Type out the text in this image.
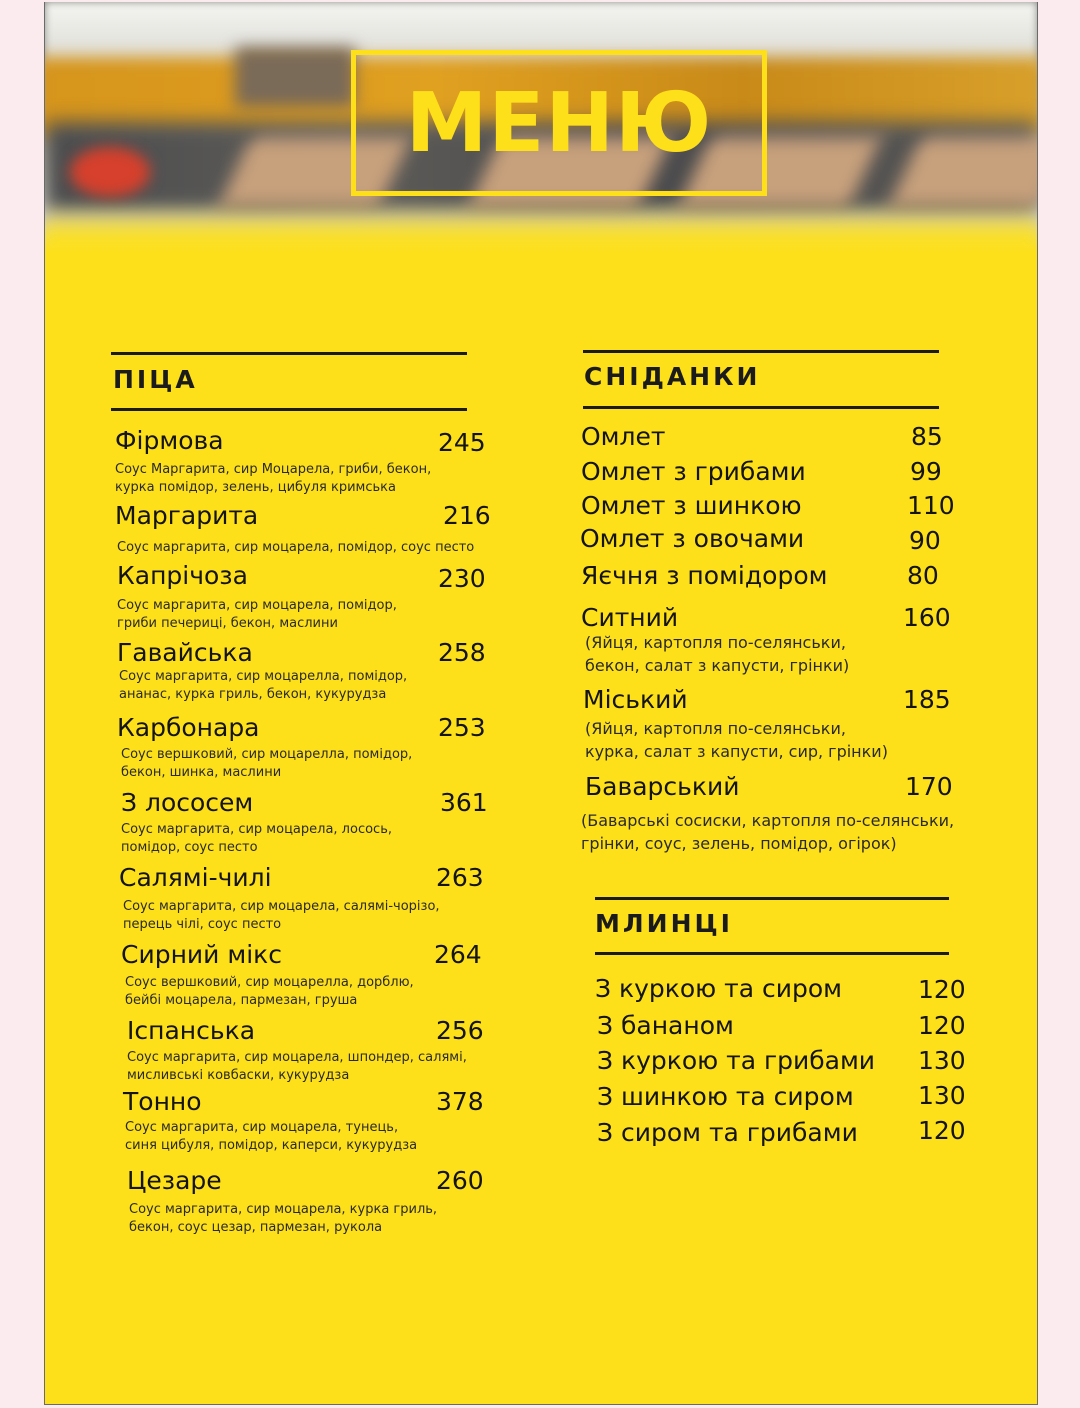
МЕНЮ
ПІЦА
Фірмова	245
Соус Маргарита, сир Моцарела, гриби, бекон,
курка помідор, зелень, цибуля кримська
Маргарита	216
Соус маргарита, сир моцарела, помідор, соус песто
Капрічоза	230
Соус маргарита, сир моцарела, помідор,
гриби печериці, бекон, маслини
Гавайська	258
Соус маргарита, сир моцарелла, помідор,
ананас, курка гриль, бекон, кукурудза
Карбонара	253
Соус вершковий, сир моцарелла, помідор,
бекон, шинка, маслини
З лососем	361
Соус маргарита, сир моцарела, лосось,
помідор, соус песто
Салямі-чилі	263
Соус маргарита, сир моцарела, салямі-чорізо,
перець чілі, соус песто
Сирний мікс	264
Соус вершковий, сир моцарелла, дорблю,
бейбі моцарела, пармезан, груша
Іспанська	256
Соус маргарита, сир моцарела, шпондер, салямі,
мисливські ковбаски, кукурудза
Тонно	378
Соус маргарита, сир моцарела, тунець,
синя цибуля, помідор, каперси, кукурудза
Цезаре	260
Соус маргарита, сир моцарела, курка гриль,
бекон, соус цезар, пармезан, рукола
СНІДАНКИ
Омлет	85
Омлет з грибами	99
Омлет з шинкою	110
Омлет з овочами	90
Яєчня з помідором	80
Ситний	160
(Яйця, картопля по-селянськи,
бекон, салат з капусти, грінки)
Міський	185
(Яйця, картопля по-селянськи,
курка, салат з капусти, сир, грінки)
Баварський	170
(Баварські сосиски, картопля по-селянськи,
грінки, соус, зелень, помідор, огірок)
МЛИНЦІ
З куркою та сиром	120
З бананом	120
З куркою та грибами 130
З шинкою та сиром	130
З сиром та грибами 120
